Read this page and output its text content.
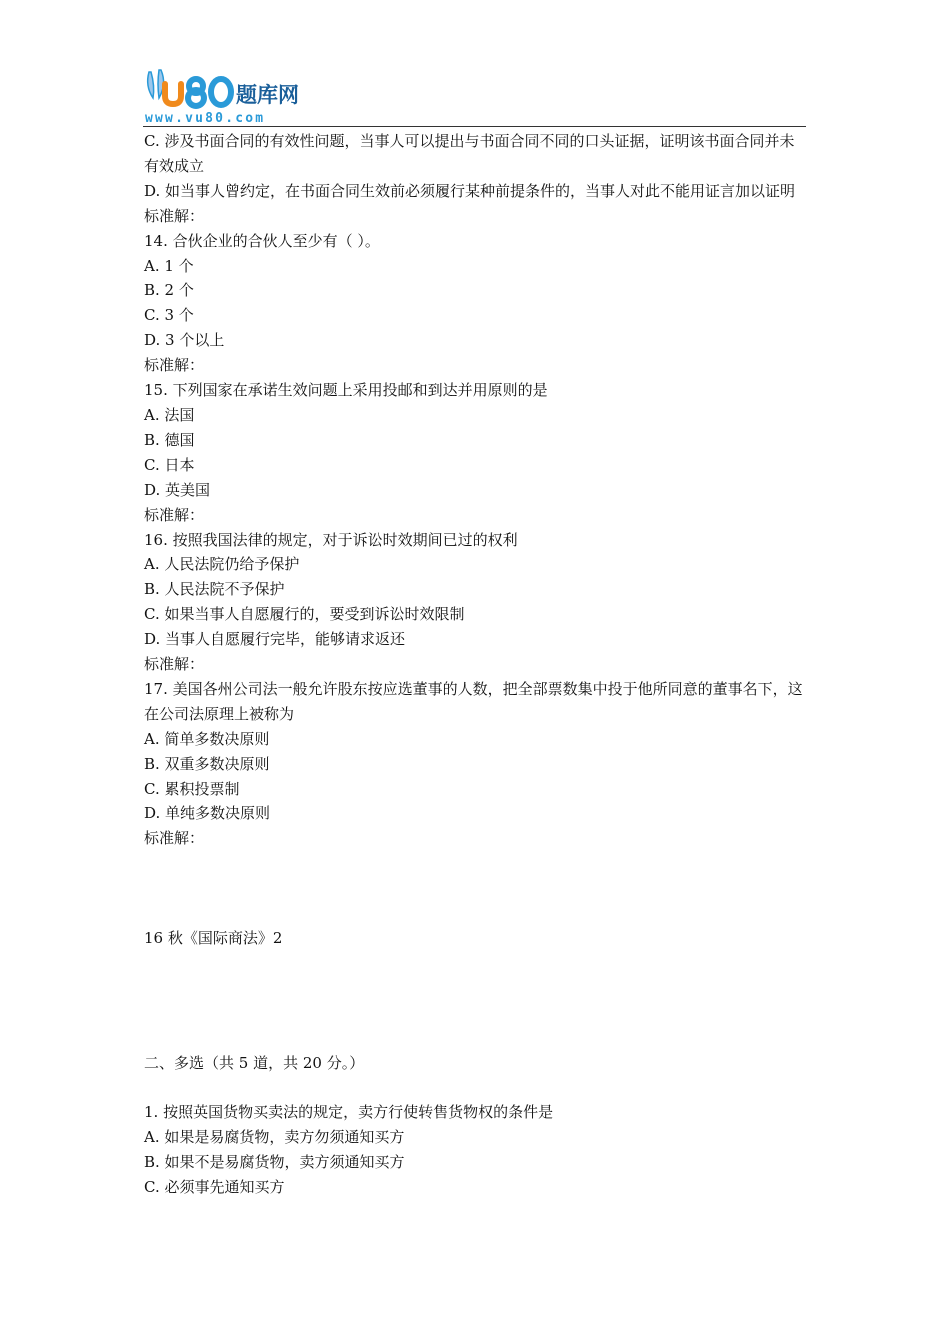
题库网
www.vu80.com
C. 涉及书面合同的有效性问题，当事人可以提出与书面合同不同的口头证据，证明该书面合同并未有效成立
D. 如当事人曾约定，在书面合同生效前必须履行某种前提条件的，当事人对此不能用证言加以证明
标准解：
14. 合伙企业的合伙人至少有（ ）。
A. 1 个
B. 2 个
C. 3 个
D. 3 个以上
标准解：
15. 下列国家在承诺生效问题上采用投邮和到达并用原则的是
A. 法国
B. 德国
C. 日本
D. 英美国
标准解：
16. 按照我国法律的规定，对于诉讼时效期间已过的权利
A. 人民法院仍给予保护
B. 人民法院不予保护
C. 如果当事人自愿履行的，要受到诉讼时效限制
D. 当事人自愿履行完毕，能够请求返还
标准解：
17. 美国各州公司法一般允许股东按应选董事的人数，把全部票数集中投于他所同意的董事名下，这在公司法原理上被称为
A. 简单多数决原则
B. 双重多数决原则
C. 累积投票制
D. 单纯多数决原则
标准解：
16 秋《国际商法》2
二、多选（共 5 道，共 20 分。）
1. 按照英国货物买卖法的规定，卖方行使转售货物权的条件是
A. 如果是易腐货物，卖方勿须通知买方
B. 如果不是易腐货物，卖方须通知买方
C. 必须事先通知买方
